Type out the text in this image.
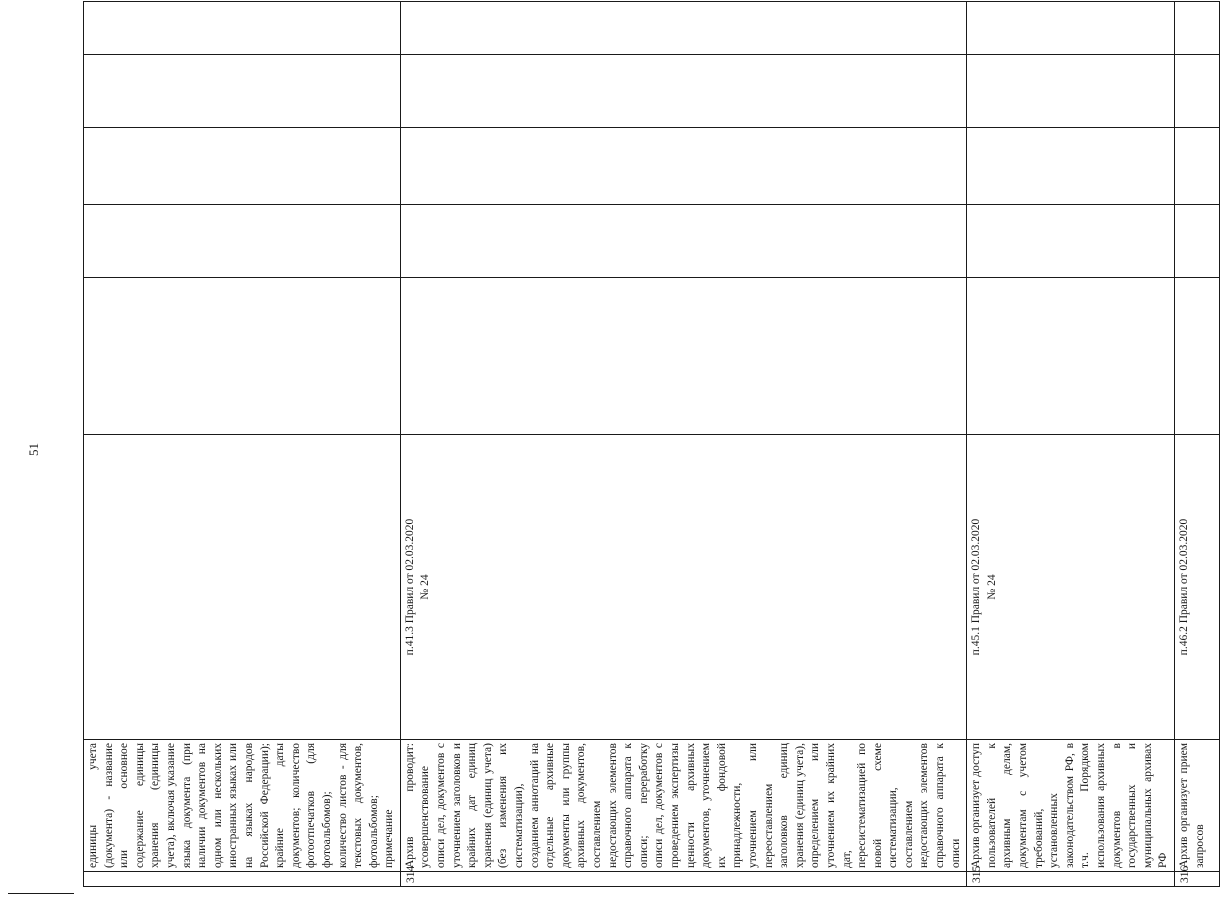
51
	единицы учета (документа) - название или основное содержание единицы хранения (единицы учета), включая указание языка документа (при наличии документов на одном или нескольких иностранных языках или на языках народов Российской Федерации); крайние даты документов; количество фотоотпечатков (для фотоальбомов); количество листов - для текстовых документов, фотоальбомов; примечание	

314	Архив проводит: усовершенствование описи дел, документов с уточнением заголовков и крайних дат единиц хранения (единиц учета) (без изменения их систематизации), созданием аннотаций на отдельные архивные документы или группы архивных документов, составлением недостающих элементов справочного аппарата к описи; переработку описи дел, документов с проведением экспертизы ценности архивных документов, уточнением их фондовой принадлежности, уточнением или переоставлением заголовков единиц хранения (единиц учета), определением или уточнением их крайних дат, пересистематизацией по новой схеме систематизации, составлением недостающих элементов справочного аппарата к описи	п.41.3 Правил от 02.03.2020 № 24					

315	Архив организует доступ пользователей к архивным делам, документам с учетом требований, установленных законодательством РФ, в т.ч. Порядком использования архивных документов в государственных и муниципальных архивах РФ	п.45.1 Правил от 02.03.2020 № 24					

316	Архив организует прием запросов	п.46.2 Правил от 02.03.2020					
